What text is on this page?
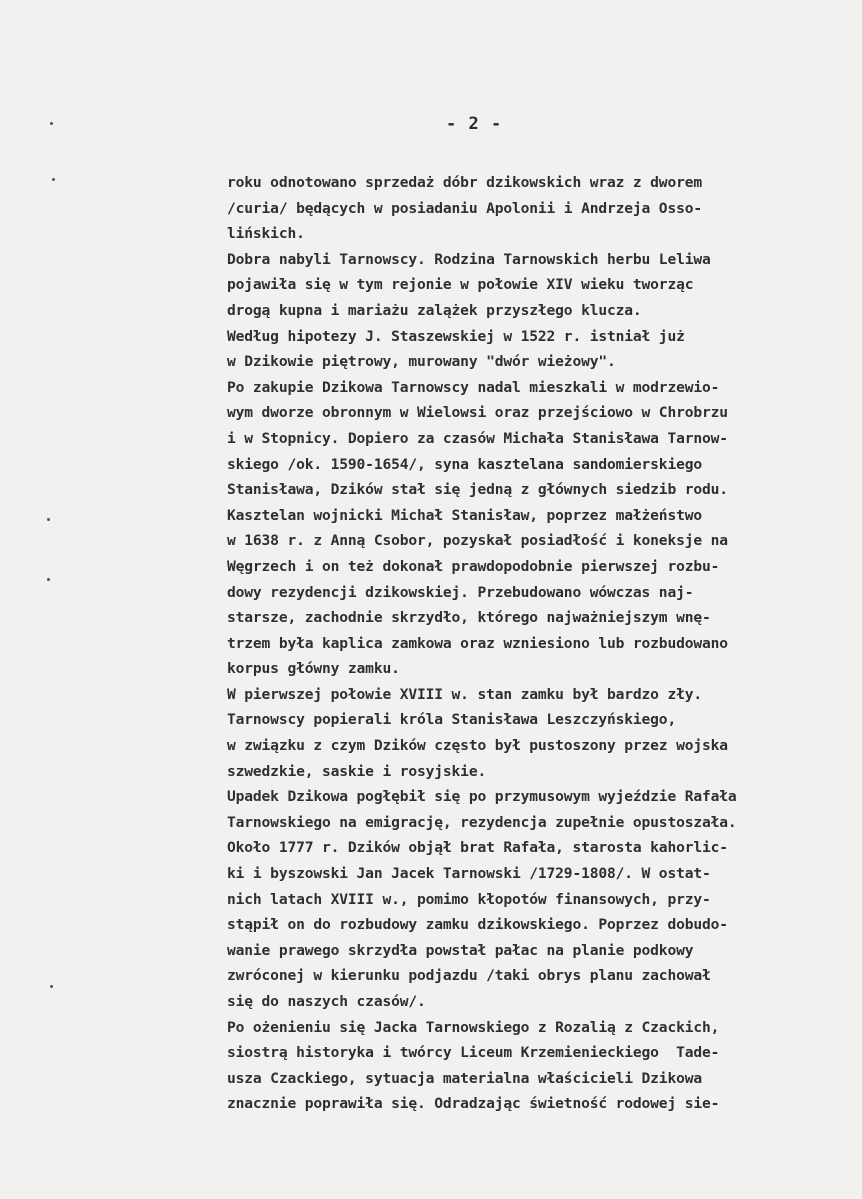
- 2 -
roku odnotowano sprzedaż dóbr dzikowskich wraz z dworem
/curia/ będących w posiadaniu Apolonii i Andrzeja Osso-
lińskich.
Dobra nabyli Tarnowscy. Rodzina Tarnowskich herbu Leliwa
pojawiła się w tym rejonie w połowie XIV wieku tworząc
drogą kupna i mariażu zalążek przyszłego klucza.
Według hipotezy J. Staszewskiej w 1522 r. istniał już
w Dzikowie piętrowy, murowany "dwór wieżowy".
Po zakupie Dzikowa Tarnowscy nadal mieszkali w modrzewio-
wym dworze obronnym w Wielowsi oraz przejściowo w Chrobrzu
i w Stopnicy. Dopiero za czasów Michała Stanisława Tarnow-
skiego /ok. 1590-1654/, syna kasztelana sandomierskiego
Stanisława, Dzików stał się jedną z głównych siedzib rodu.
Kasztelan wojnicki Michał Stanisław, poprzez małżeństwo
w 1638 r. z Anną Csobor, pozyskał posiadłość i koneksje na
Węgrzech i on też dokonał prawdopodobnie pierwszej rozbu-
dowy rezydencji dzikowskiej. Przebudowano wówczas naj-
starsze, zachodnie skrzydło, którego najważniejszym wnę-
trzem była kaplica zamkowa oraz wzniesiono lub rozbudowano
korpus główny zamku.
W pierwszej połowie XVIII w. stan zamku był bardzo zły.
Tarnowscy popierali króla Stanisława Leszczyńskiego,
w związku z czym Dzików często był pustoszony przez wojska
szwedzkie, saskie i rosyjskie.
Upadek Dzikowa pogłębił się po przymusowym wyjeździe Rafała
Tarnowskiego na emigrację, rezydencja zupełnie opustoszała.
Około 1777 r. Dzików objął brat Rafała, starosta kahorlic-
ki i byszowski Jan Jacek Tarnowski /1729-1808/. W ostat-
nich latach XVIII w., pomimo kłopotów finansowych, przy-
stąpił on do rozbudowy zamku dzikowskiego. Poprzez dobudo-
wanie prawego skrzydła powstał pałac na planie podkowy
zwróconej w kierunku podjazdu /taki obrys planu zachował
się do naszych czasów/.
Po ożenieniu się Jacka Tarnowskiego z Rozalią z Czackich,
siostrą historyka i twórcy Liceum Krzemienieckiego  Tade-
usza Czackiego, sytuacja materialna właścicieli Dzikowa
znacznie poprawiła się. Odradzając świetność rodowej sie-
